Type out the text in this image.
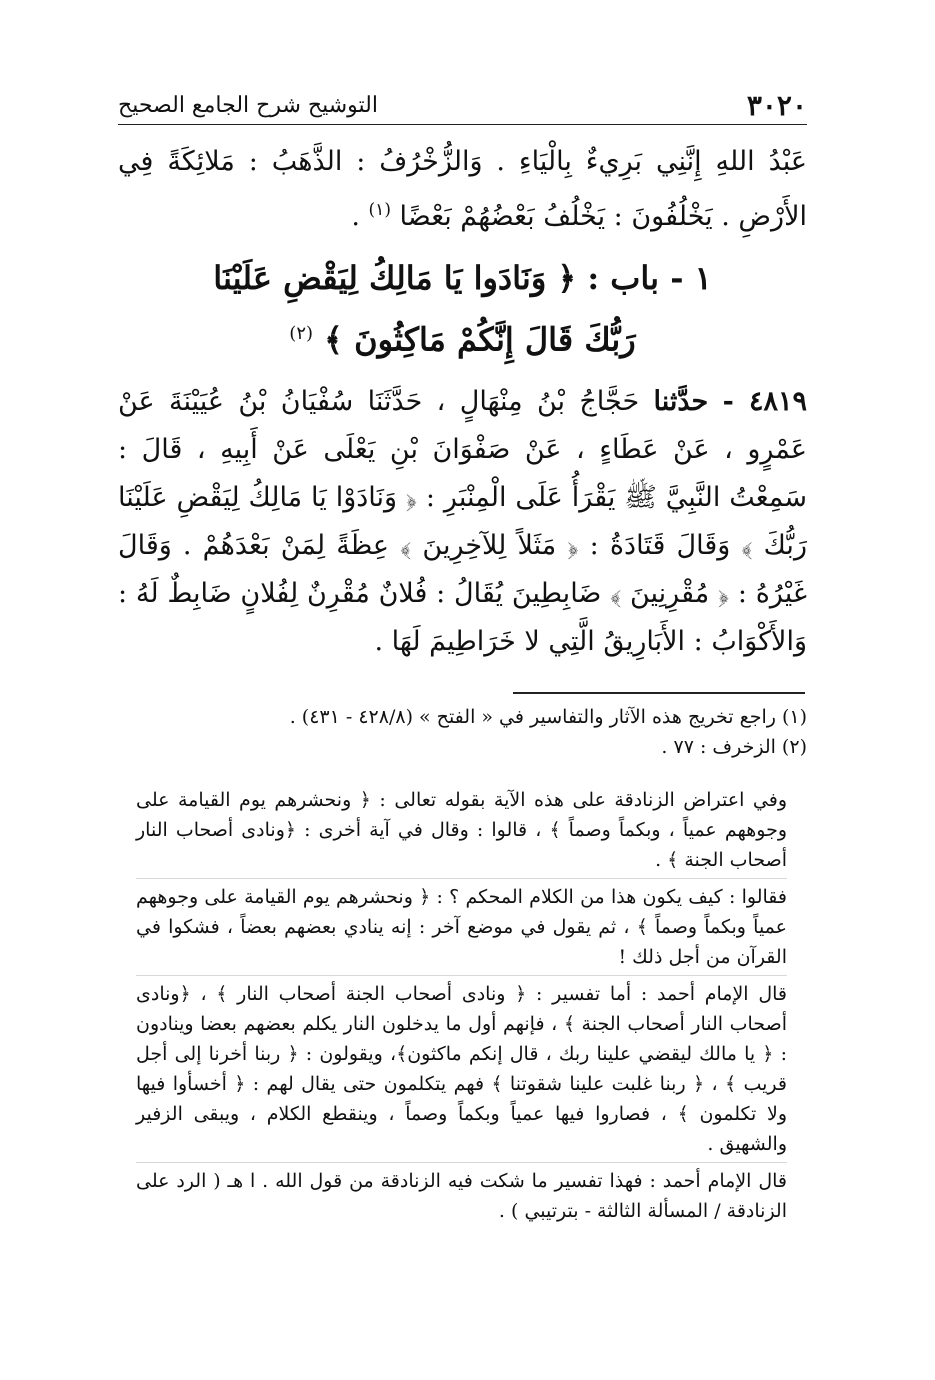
التوشيح شرح الجامع الصحيح	٣٠٢٠
عَبْدُ اللهِ إِنَّنِي بَرِيءٌ بِالْيَاءِ . وَالزُّخْرُفُ : الذَّهَبُ : مَلائِكَةً فِي الأَرْضِ . يَخْلُفُونَ : يَخْلُفُ بَعْضُهُمْ بَعْضًا $^{(١)}$ .
١ - باب : ﴿ وَنَادَوا يَا مَالِكُ لِيَقْضِ عَلَيْنَا
رَبُّكَ قَالَ إِنَّكُمْ مَاكِثُونَ ﴾ $^{(٢)}$
٤٨١٩ - حدَّثنا حَجَّاجُ بْنُ مِنْهَالٍ ، حَدَّثَنَا سُفْيَانُ بْنُ عُيَيْنَةَ عَنْ عَمْرٍو ، عَنْ عَطَاءٍ ، عَنْ صَفْوَانَ بْنِ يَعْلَى عَنْ أَبِيهِ ، قَالَ : سَمِعْتُ النَّبِيَّ ﷺ يَقْرَأُ عَلَى الْمِنْبَرِ : ﴿ وَنَادَوْا يَا مَالِكُ لِيَقْضِ عَلَيْنَا رَبُّكَ ﴾ وَقَالَ قَتَادَةُ : ﴿ مَثَلاً لِلآخِرِينَ ﴾ عِظَةً لِمَنْ بَعْدَهُمْ . وَقَالَ غَيْرُهُ : ﴿ مُقْرِنِينَ ﴾ ضَابِطِينَ يُقَالُ : فُلانٌ مُقْرِنٌ لِفُلانٍ ضَابِطٌ لَهُ : وَالأَكْوَابُ : الأَبَارِيقُ الَّتِي لا خَرَاطِيمَ لَهَا .

(١) راجع تخريج هذه الآثار والتفاسير في « الفتح » (٤٢٨/٨ - ٤٣١) .

(٢) الزخرف : ٧٧ .

وفي اعتراض الزنادقة على هذه الآية بقوله تعالى : ﴿ ونحشرهم يوم القيامة على وجوههم عمياً ، وبكماً وصماً ﴾ ، قالوا : وقال في آية أخرى : ﴿ونادى أصحاب النار أصحاب الجنة ﴾ .

فقالوا : كيف يكون هذا من الكلام المحكم ؟ : ﴿ ونحشرهم يوم القيامة على وجوههم عمياً وبكماً وصماً ﴾ ، ثم يقول في موضع آخر : إنه ينادي بعضهم بعضاً ، فشكوا في القرآن من أجل ذلك !

قال الإمام أحمد : أما تفسير : ﴿ ونادى أصحاب الجنة أصحاب النار ﴾ ، ﴿ونادى أصحاب النار أصحاب الجنة ﴾ ، فإنهم أول ما يدخلون النار يكلم بعضهم بعضا وينادون : ﴿ يا مالك ليقضي علينا ربك ، قال إنكم ماكثون﴾، ويقولون : ﴿ ربنا أخرنا إلى أجل قريب ﴾ ، ﴿ ربنا غلبت علينا شقوتنا ﴾ فهم يتكلمون حتى يقال لهم : ﴿ أخسأوا فيها ولا تكلمون ﴾ ، فصاروا فيها عمياً وبكماً وصماً ، وينقطع الكلام ، ويبقى الزفير والشهيق .

قال الإمام أحمد : فهذا تفسير ما شكت فيه الزنادقة من قول الله . ا هـ ( الرد على الزنادقة / المسألة الثالثة - بترتيبي ) .
